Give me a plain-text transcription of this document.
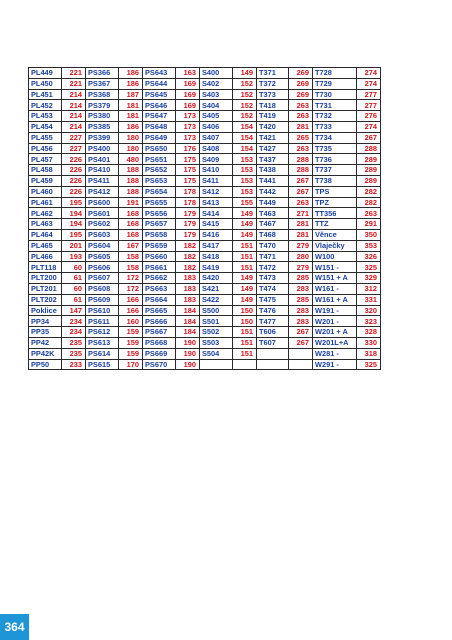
PL449	221	PS366	186	PS643	163	S400	149	T371	269	T728	274
PL450	221	PS367	186	PS644	169	S402	152	T372	269	T729	274
PL451	214	PS368	187	PS645	169	S403	152	T373	269	T730	277
PL452	214	PS379	181	PS646	169	S404	152	T418	263	T731	277
PL453	214	PS380	181	PS647	173	S405	152	T419	263	T732	276
PL454	214	PS385	186	PS648	173	S406	154	T420	281	T733	274
PL455	227	PS399	180	PS649	173	S407	154	T421	265	T734	267
PL456	227	PS400	180	PS650	176	S408	154	T427	263	T735	288
PL457	226	PS401	480	PS651	175	S409	153	T437	288	T736	289
PL458	226	PS410	188	PS652	175	S410	153	T438	288	T737	289
PL459	226	PS411	188	PS653	175	S411	153	T441	267	T738	289
PL460	226	PS412	188	PS654	178	S412	153	T442	267	TPS	282
PL461	195	PS600	191	PS655	178	S413	155	T449	263	TPZ	282
PL462	194	PS601	168	PS656	179	S414	149	T463	271	TT356	263
PL463	194	PS602	168	PS657	179	S415	149	T467	281	TTZ	291
PL464	195	PS603	168	PS658	179	S416	149	T468	281	Věnce	350
PL465	201	PS604	167	PS659	182	S417	151	T470	279	Vlaječky	353
PL466	193	PS605	158	PS660	182	S418	151	T471	280	W100	326
PLT118	60	PS606	158	PS661	182	S419	151	T472	279	W151 -	325
PLT200	61	PS607	172	PS662	183	S420	149	T473	285	W151 + A	329
PLT201	60	PS608	172	PS663	183	S421	149	T474	283	W161 -	312
PLT202	61	PS609	166	PS664	183	S422	149	T475	285	W161 + A	331
Poklice	147	PS610	166	PS665	184	S500	150	T476	283	W191 -	320
PP34	234	PS611	160	PS666	184	S501	150	T477	283	W201 -	323
PP35	234	PS612	159	PS667	184	S502	151	T606	267	W201 + A	328
PP42	235	PS613	159	PS668	190	S503	151	T607	267	W201L+A	330
PP42K	235	PS614	159	PS669	190	S504	151			W281 -	318
PP50	233	PS615	170	PS670	190					W291 -	325
364
